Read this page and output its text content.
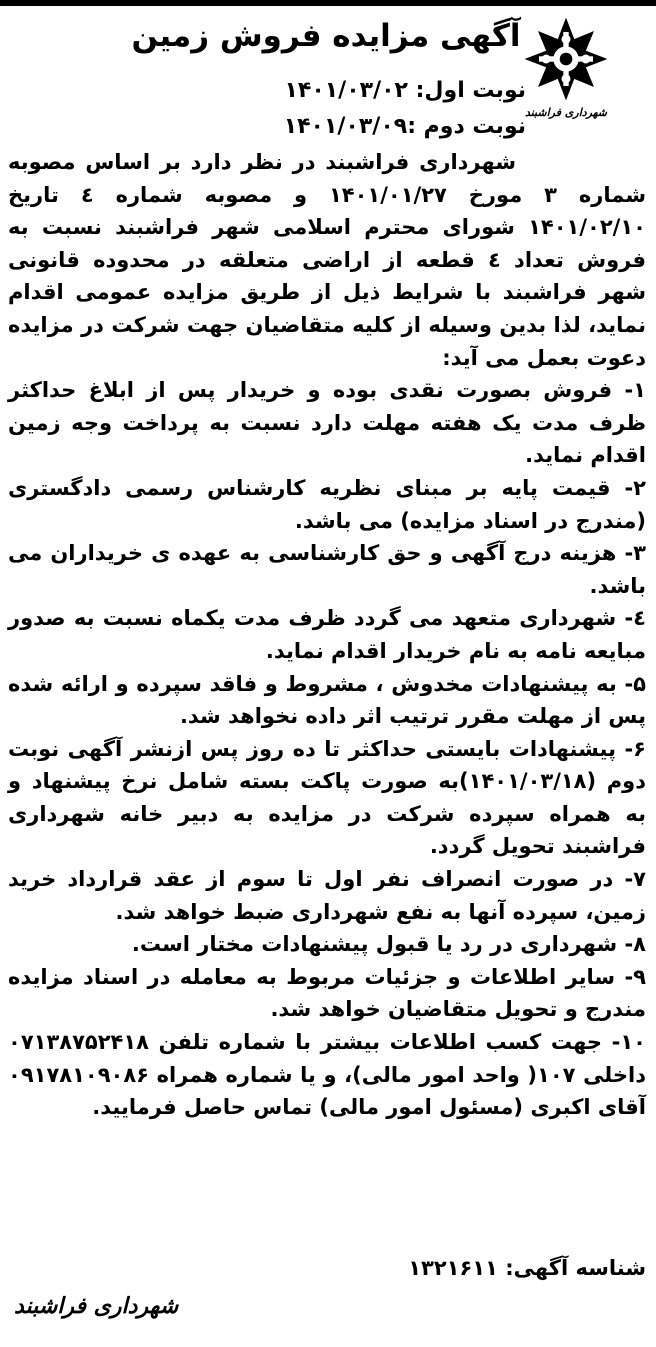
شهرداری فراشبند
آگهی مزایده فروش زمین
نوبت اول: ۱۴۰۱/۰۳/۰۲
نوبت دوم :۱۴۰۱/۰۳/۰۹

شهرداری فراشبند در نظر دارد بر اساس مصوبه شماره ۳ مورخ ۱۴۰۱/۰۱/۲۷ و مصوبه شماره ٤ تاریخ ۱۴۰۱/۰۲/۱۰ شورای محترم اسلامی شهر فراشبند نسبت به فروش تعداد ٤ قطعه از اراضی متعلقه در محدوده قانونی شهر فراشبند با شرایط ذیل از طریق مزایده عمومی اقدام نماید، لذا بدین وسیله از کلیه متقاضیان جهت شرکت در مزایده دعوت بعمل می آید:

۱- فروش بصورت نقدی بوده و خریدار پس از ابلاغ حداکثر ظرف مدت یک هفته مهلت دارد نسبت به پرداخت وجه زمین اقدام نماید.

۲- قیمت پایه بر مبنای نظریه کارشناس رسمی دادگستری (مندرج در اسناد مزایده) می باشد.

۳- هزینه درج آگهی و حق کارشناسی به عهده ی خریداران می باشد.

٤- شهرداری متعهد می گردد ظرف مدت یکماه نسبت به صدور مبایعه نامه به نام خریدار اقدام نماید.

۵- به پیشنهادات مخدوش ، مشروط و فاقد سپرده و ارائه شده پس از مهلت مقرر ترتیب اثر داده نخواهد شد.

۶- پیشنهادات بایستی حداکثر تا ده روز پس ازنشر آگهی نوبت دوم (۱۴۰۱/۰۳/۱۸)به صورت پاکت بسته شامل نرخ پیشنهاد و به همراه سپرده شرکت در مزایده به دبیر خانه شهرداری فراشبند تحویل گردد.

۷- در صورت انصراف نفر اول تا سوم از عقد قرارداد خرید زمین، سپرده آنها به نفع شهرداری ضبط خواهد شد.

۸- شهرداری در رد یا قبول پیشنهادات مختار است.

۹- سایر اطلاعات و جزئیات مربوط به معامله در اسناد مزایده مندرج و تحویل متقاضیان خواهد شد.

۱۰- جهت کسب اطلاعات بیشتر با شماره تلفن ۰۷۱۳۸۷۵۲۴۱۸ داخلی ۱۰۷( واحد امور مالی)، و یا شماره همراه ۰۹۱۷۸۱۰۹۰۸۶ آقای اکبری (مسئول امور مالی) تماس حاصل فرمایید.

شناسه آگهی: ۱۳۲۱۶۱۱
شهرداری فراشبند
